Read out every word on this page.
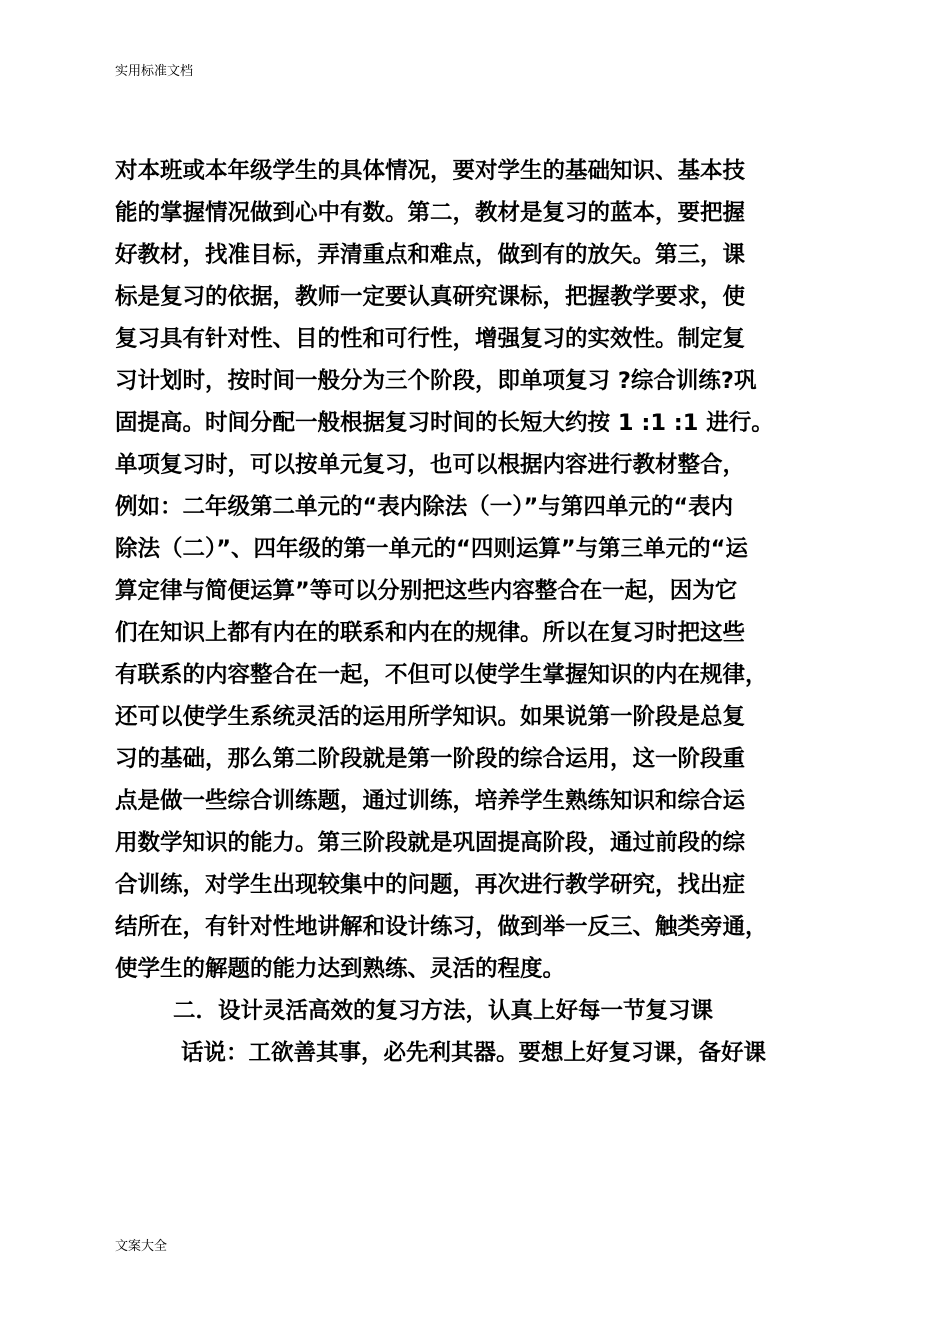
实用标准文档
对本班或本年级学生的具体情况，要对学生的基础知识、基本技
能的掌握情况做到心中有数。第二，教材是复习的蓝本，要把握
好教材，找准目标，弄清重点和难点，做到有的放矢。第三，课
标是复习的依据，教师一定要认真研究课标，把握教学要求，使
复习具有针对性、目的性和可行性，增强复习的实效性。制定复
习计划时，按时间一般分为三个阶段，即单项复习 ?综合训练?巩
固提高。时间分配一般根据复习时间的长短大约按 1 :1 :1 进行。
单项复习时，可以按单元复习，也可以根据内容进行教材整合，
例如：二年级第二单元的“表内除法（一）”与第四单元的“表内
除法（二）”、四年级的第一单元的“四则运算”与第三单元的“运
算定律与简便运算”等可以分别把这些内容整合在一起，因为它
们在知识上都有内在的联系和内在的规律。所以在复习时把这些
有联系的内容整合在一起，不但可以使学生掌握知识的内在规律，
还可以使学生系统灵活的运用所学知识。如果说第一阶段是总复
习的基础，那么第二阶段就是第一阶段的综合运用，这一阶段重
点是做一些综合训练题，通过训练，培养学生熟练知识和综合运
用数学知识的能力。第三阶段就是巩固提高阶段，通过前段的综
合训练，对学生出现较集中的问题，再次进行教学研究，找出症
结所在，有针对性地讲解和设计练习，做到举一反三、触类旁通，
使学生的解题的能力达到熟练、灵活的程度。
二．设计灵活高效的复习方法，认真上好每一节复习课
话说：工欲善其事，必先利其器。要想上好复习课，备好课
文案大全
